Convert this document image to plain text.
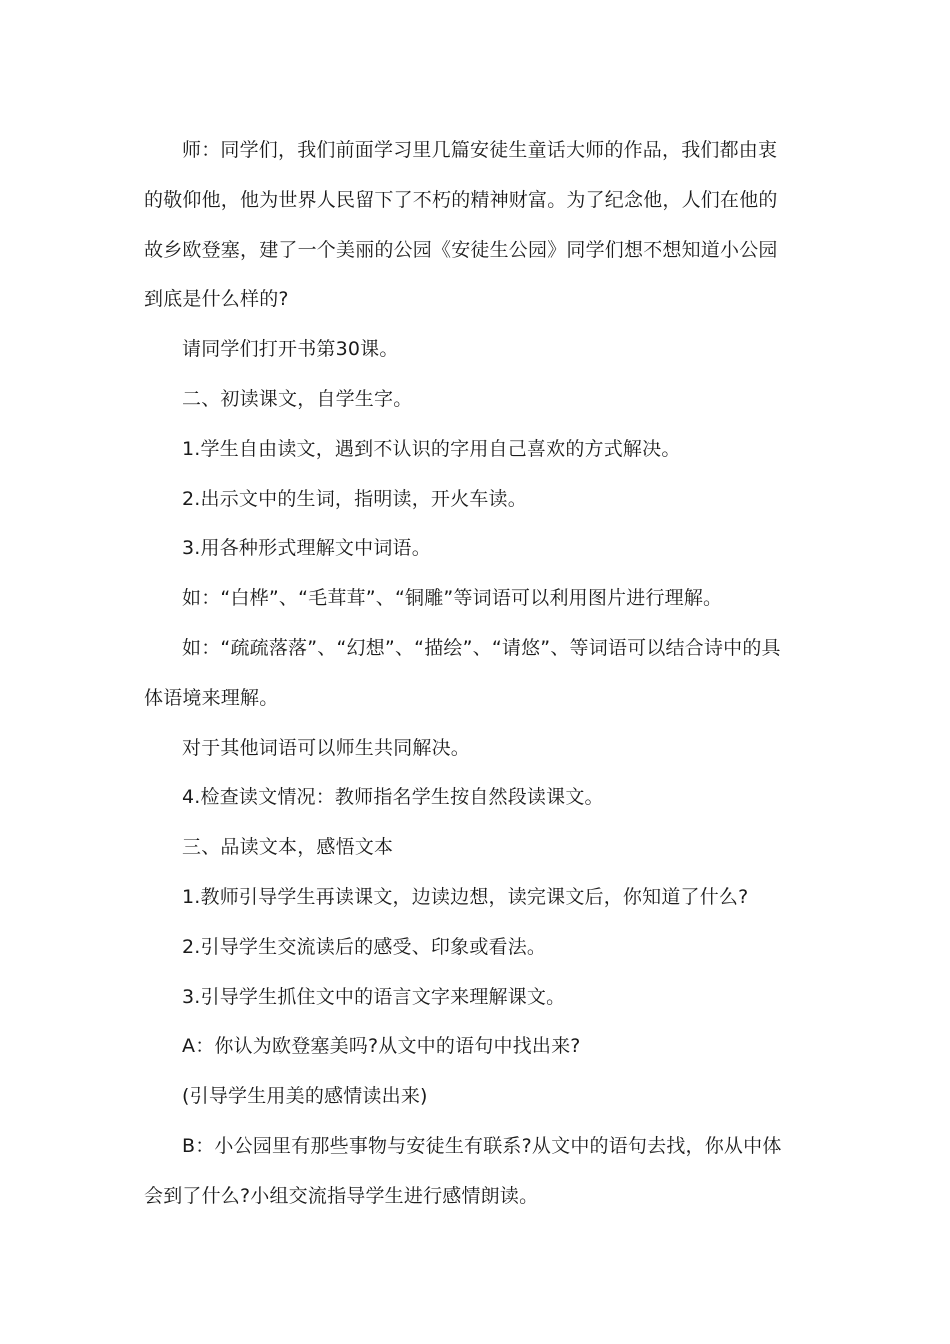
师：同学们，我们前面学习里几篇安徒生童话大师的作品，我们都由衷的敬仰他，他为世界人民留下了不朽的精神财富。为了纪念他，人们在他的故乡欧登塞，建了一个美丽的公园《安徒生公园》同学们想不想知道小公园到底是什么样的?

请同学们打开书第30课。

二、初读课文，自学生字。

1.学生自由读文，遇到不认识的字用自己喜欢的方式解决。

2.出示文中的生词，指明读，开火车读。

3.用各种形式理解文中词语。

如：“白桦”、“毛茸茸”、“铜雕”等词语可以利用图片进行理解。

如：“疏疏落落”、“幻想”、“描绘”、“请悠”、等词语可以结合诗中的具体语境来理解。

对于其他词语可以师生共同解决。

4.检查读文情况：教师指名学生按自然段读课文。

三、品读文本，感悟文本

1.教师引导学生再读课文，边读边想，读完课文后，你知道了什么?

2.引导学生交流读后的感受、印象或看法。

3.引导学生抓住文中的语言文字来理解课文。

A：你认为欧登塞美吗?从文中的语句中找出来?

(引导学生用美的感情读出来)

B：小公园里有那些事物与安徒生有联系?从文中的语句去找，你从中体会到了什么?小组交流指导学生进行感情朗读。
